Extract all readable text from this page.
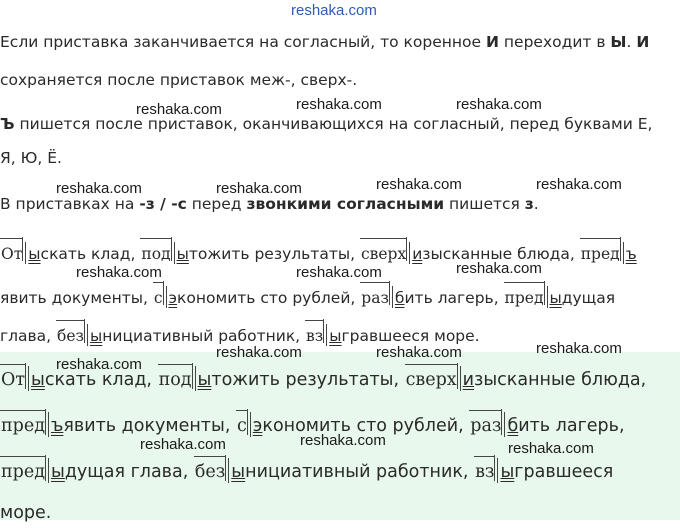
reshaka.com
reshaka.com	reshaka.com	reshaka.com
reshaka.com	reshaka.com	reshaka.com	reshaka.com
reshaka.com	reshaka.com	reshaka.com
reshaka.com
reshaka.com	reshaka.com	reshaka.com
reshaka.com	reshaka.com	reshaka.com
Если приставка заканчивается на согласный, то коренное И переходит в Ы. И
сохраняется после приставок меж-, сверх-.
Ъ пишется после приставок, оканчивающихся на согласный, перед буквами Е,
Я, Ю, Ё.
В приставках на -з / -с перед звонкими согласными пишется з.
От ыскать клад, под ытожить результаты, сверх изысканные блюда, пред ъ
явить документы, с экономить сто рублей, раз бить лагерь, пред ыдущая
глава, без ынициативный работник, вз ыгравшееся море.
От ыскать клад, под ытожить результаты, сверх изысканные блюда,
пред ъявить документы, с экономить сто рублей, раз бить лагерь,
пред ыдущая глава, без ынициативный работник, вз ыгравшееся
море.
